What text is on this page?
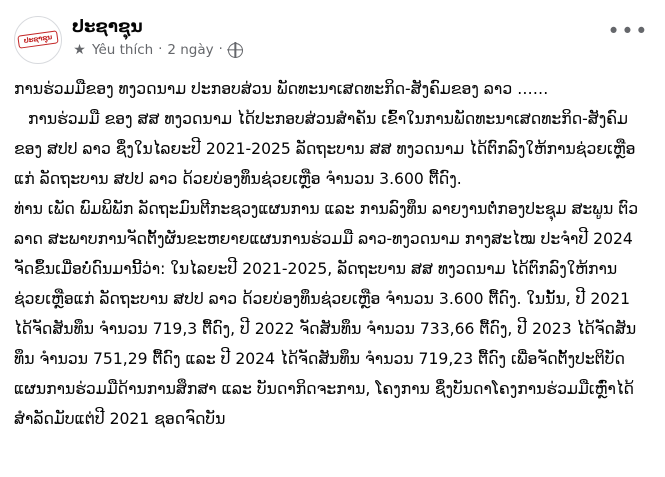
ປະຊາຊຸນ
ປະຊາຊຸນ
★ Yêu thích · 2 ngày ·
•••

ການຮ່ວມມືຂອງ ທງວດນາມ ປະກອບສ່ວນ ພັດທະນາເສດທະກິດ-ສັງຄົມຂອງ ລາວ ……

ການຮ່ວມມື ຂອງ ສສ ທງວດນາມ ໄດ້ປະກອບສ່ວນສໍາຄັນ ເຂົ້າໃນການພັດທະນາເສດທະກິດ-ສັງຄົມຂອງ ສປປ ລາວ ຊຶ່ງໃນໄລຍະປີ 2021-2025 ລັດຖະບານ ສສ ທງວດນາມ ໄດ້ຕົກລົງໃຫ້ການຊ່ວຍເຫຼືອແກ່ ລັດຖະບານ ສປປ ລາວ ດ້ວຍບ່ອງທຶນຊ່ວຍເຫຼືອ ຈໍານວນ 3.600 ຕື້ດົງ.

ທ່ານ ເພັດ ພົມພິພັກ ລັດຖະມົນຕີກະຊວງແຜນການ ແລະ ການລົງທຶນ ລາຍງານຕໍ່ກອງປະຊຸມ ສະພູນ ຕົວລາດ ສະພາບການຈັດຕັ້ງຜັນຂະຫຍາຍແຜນການຮ່ວມມື ລາວ-ທງວດນາມ ກາງສະໄໝ ປະຈໍາປີ 2024 ຈັດຂຶ້ນເມື່ອບໍ່ດົນມານີ້ວ່າ: ໃນໄລຍະປີ 2021-2025, ລັດຖະບານ ສສ ທງວດນາມ ໄດ້ຕົກລົງໃຫ້ການຊ່ວຍເຫຼືອແກ່ ລັດຖະບານ ສປປ ລາວ ດ້ວຍບ່ອງທຶນຊ່ວຍເຫຼືອ ຈໍານວນ 3.600 ຕື້ດົງ. ໃນນັ້ນ, ປີ 2021 ໄດ້ຈັດສັນທຶນ ຈໍານວນ 719,3 ຕື້ດົງ, ປີ 2022 ຈັດສັນທຶນ ຈໍານວນ 733,66 ຕື້ດົງ, ປີ 2023 ໄດ້ຈັດສັນທຶນ ຈໍານວນ 751,29 ຕື້ດົງ ແລະ ປີ 2024 ໄດ້ຈັດສັນທຶນ ຈໍານວນ 719,23 ຕື້ດົງ ເພື່ອຈັດຕັ້ງປະຕິບັດແຜນການຮ່ວມມືດ້ານການສຶກສາ ແລະ ບັນດາກິດຈະການ, ໂຄງການ ຊຶ່ງບັນດາໂຄງການຮ່ວມມືເຫຼົ່າໄດ້ສໍາລັດມັບແຕ່ປີ 2021 ຊອດຈົດບັນ
